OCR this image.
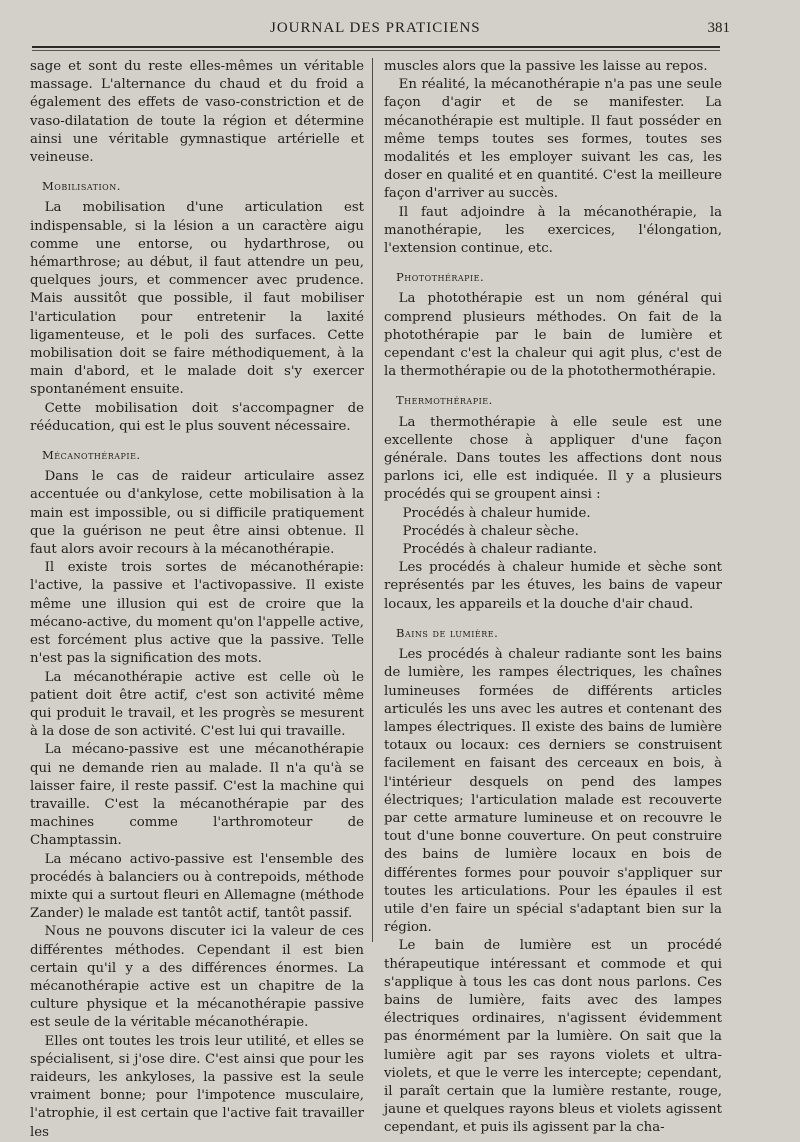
JOURNAL DES PRATICIENS	381

sage et sont du reste elles-mêmes un véritable massage. L'alternance du chaud et du froid a également des effets de vaso-constriction et de vaso-dilatation de toute la région et détermine ainsi une véritable gymnastique artérielle et veineuse.

Mobilisation.

La mobilisation d'une articulation est indispensable, si la lésion a un caractère aigu comme une entorse, ou hydarthrose, ou hémarthrose; au début, il faut attendre un peu, quelques jours, et commencer avec prudence. Mais aussitôt que possible, il faut mobiliser l'articulation pour entretenir la laxité ligamenteuse, et le poli des surfaces. Cette mobilisation doit se faire méthodiquement, à la main d'abord, et le malade doit s'y exercer spontanément ensuite.

Cette mobilisation doit s'accompagner de rééducation, qui est le plus souvent nécessaire.

Mécanothérapie.

Dans le cas de raideur articulaire assez accentuée ou d'ankylose, cette mobilisation à la main est impossible, ou si difficile pratiquement que la guérison ne peut être ainsi obtenue. Il faut alors avoir recours à la mécanothérapie.

Il existe trois sortes de mécanothérapie: l'active, la passive et l'activopassive. Il existe même une illusion qui est de croire que la mécano-active, du moment qu'on l'appelle active, est forcément plus active que la passive. Telle n'est pas la signification des mots.

La mécanothérapie active est celle où le patient doit être actif, c'est son activité même qui produit le travail, et les progrès se mesurent à la dose de son activité. C'est lui qui travaille.

La mécano-passive est une mécanothérapie qui ne demande rien au malade. Il n'a qu'à se laisser faire, il reste passif. C'est la machine qui travaille. C'est la mécanothérapie par des machines comme l'arthromoteur de Champtassin.

La mécano activo-passive est l'ensemble des procédés à balanciers ou à contrepoids, méthode mixte qui a surtout fleuri en Allemagne (méthode Zander) le malade est tantôt actif, tantôt passif.

Nous ne pouvons discuter ici la valeur de ces différentes méthodes. Cependant il est bien certain qu'il y a des différences énormes. La mécanothérapie active est un chapitre de la culture physique et la mécanothérapie passive est seule de la véritable mécanothérapie.

Elles ont toutes les trois leur utilité, et elles se spécialisent, si j'ose dire. C'est ainsi que pour les raideurs, les ankyloses, la passive est la seule vraiment bonne; pour l'impotence musculaire, l'atrophie, il est certain que l'active fait travailler les

muscles alors que la passive les laisse au repos.

En réalité, la mécanothérapie n'a pas une seule façon d'agir et de se manifester. La mécanothérapie est multiple. Il faut posséder en même temps toutes ses formes, toutes ses modalités et les employer suivant les cas, les doser en qualité et en quantité. C'est la meilleure façon d'arriver au succès.

Il faut adjoindre à la mécanothérapie, la manothérapie, les exercices, l'élongation, l'extension continue, etc.

Photothérapie.

La photothérapie est un nom général qui comprend plusieurs méthodes. On fait de la photothérapie par le bain de lumière et cependant c'est la chaleur qui agit plus, c'est de la thermothérapie ou de la photothermothérapie.

Thermothérapie.

La thermothérapie à elle seule est une excellente chose à appliquer d'une façon générale. Dans toutes les affections dont nous parlons ici, elle est indiquée. Il y a plusieurs procédés qui se groupent ainsi :

Procédés à chaleur humide.

Procédés à chaleur sèche.

Procédés à chaleur radiante.

Les procédés à chaleur humide et sèche sont représentés par les étuves, les bains de vapeur locaux, les appareils et la douche d'air chaud.

Bains de lumière.

Les procédés à chaleur radiante sont les bains de lumière, les rampes électriques, les chaînes lumineuses formées de différents articles articulés les uns avec les autres et contenant des lampes électriques. Il existe des bains de lumière totaux ou locaux: ces derniers se construisent facilement en faisant des cerceaux en bois, à l'intérieur desquels on pend des lampes électriques; l'articulation malade est recouverte par cette armature lumineuse et on recouvre le tout d'une bonne couverture. On peut construire des bains de lumière locaux en bois de différentes formes pour pouvoir s'appliquer sur toutes les articulations. Pour les épaules il est utile d'en faire un spécial s'adaptant bien sur la région.

Le bain de lumière est un procédé thérapeutique intéressant et commode et qui s'applique à tous les cas dont nous parlons. Ces bains de lumière, faits avec des lampes électriques ordinaires, n'agissent évidemment pas énormément par la lumière. On sait que la lumière agit par ses rayons violets et ultra-violets, et que le verre les intercepte; cependant, il paraît certain que la lumière restante, rouge, jaune et quelques rayons bleus et violets agissent cependant, et puis ils agissent par la cha-
